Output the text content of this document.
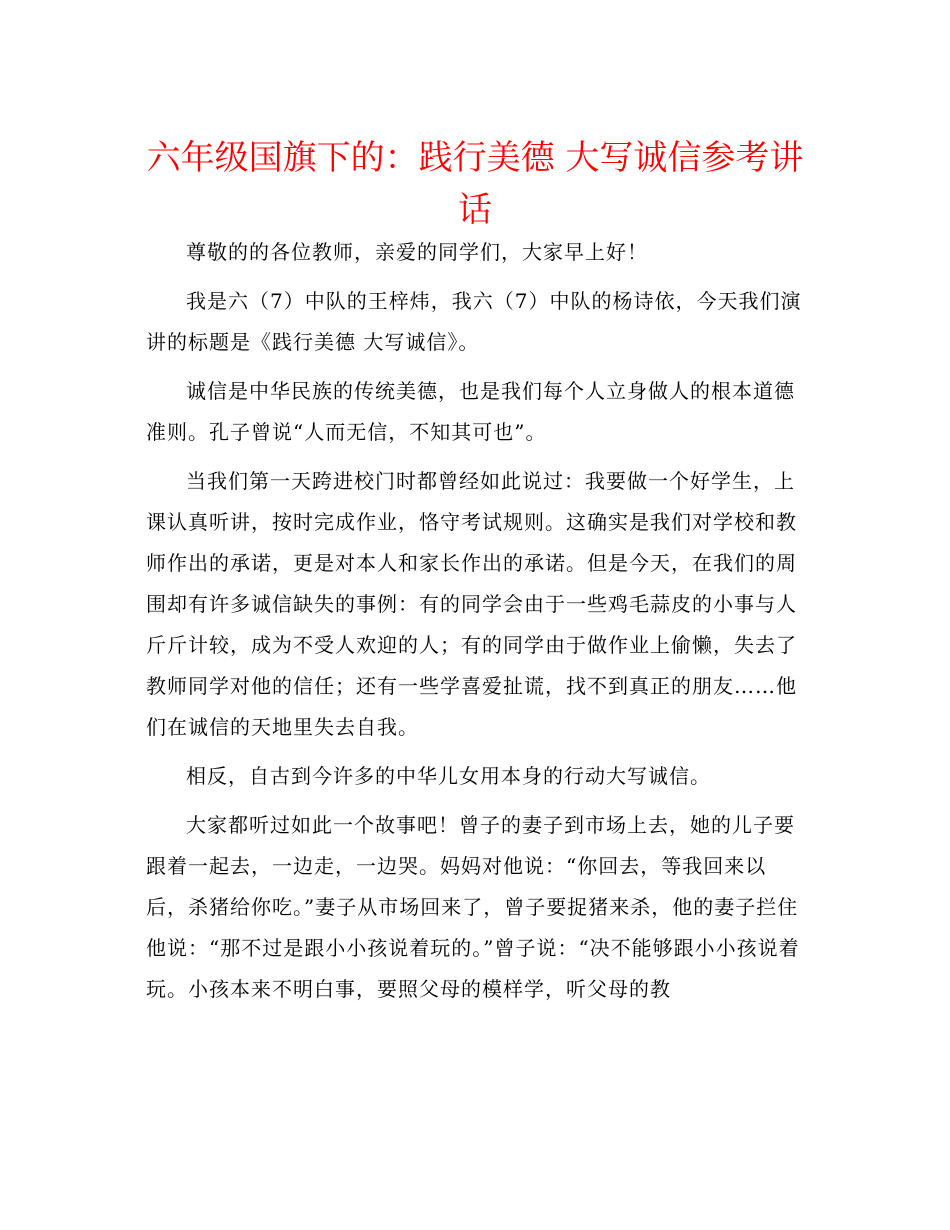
六年级国旗下的：践行美德 大写诚信参考讲话

尊敬的的各位教师，亲爱的同学们，大家早上好！

我是六（7）中队的王梓炜，我六（7）中队的杨诗依，今天我们演讲的标题是《践行美德 大写诚信》。

诚信是中华民族的传统美德，也是我们每个人立身做人的根本道德准则。孔子曾说“人而无信，不知其可也”。

当我们第一天跨进校门时都曾经如此说过：我要做一个好学生，上课认真听讲，按时完成作业，恪守考试规则。这确实是我们对学校和教师作出的承诺，更是对本人和家长作出的承诺。但是今天，在我们的周围却有许多诚信缺失的事例：有的同学会由于一些鸡毛蒜皮的小事与人斤斤计较，成为不受人欢迎的人；有的同学由于做作业上偷懒，失去了教师同学对他的信任；还有一些学喜爱扯谎，找不到真正的朋友……他们在诚信的天地里失去自我。

相反，自古到今许多的中华儿女用本身的行动大写诚信。

大家都听过如此一个故事吧！曾子的妻子到市场上去，她的儿子要跟着一起去，一边走，一边哭。妈妈对他说：“你回去，等我回来以后，杀猪给你吃。”妻子从市场回来了，曾子要捉猪来杀，他的妻子拦住他说：“那不过是跟小小孩说着玩的。”曾子说：“决不能够跟小小孩说着玩。小孩本来不明白事，要照父母的模样学，听父母的教
